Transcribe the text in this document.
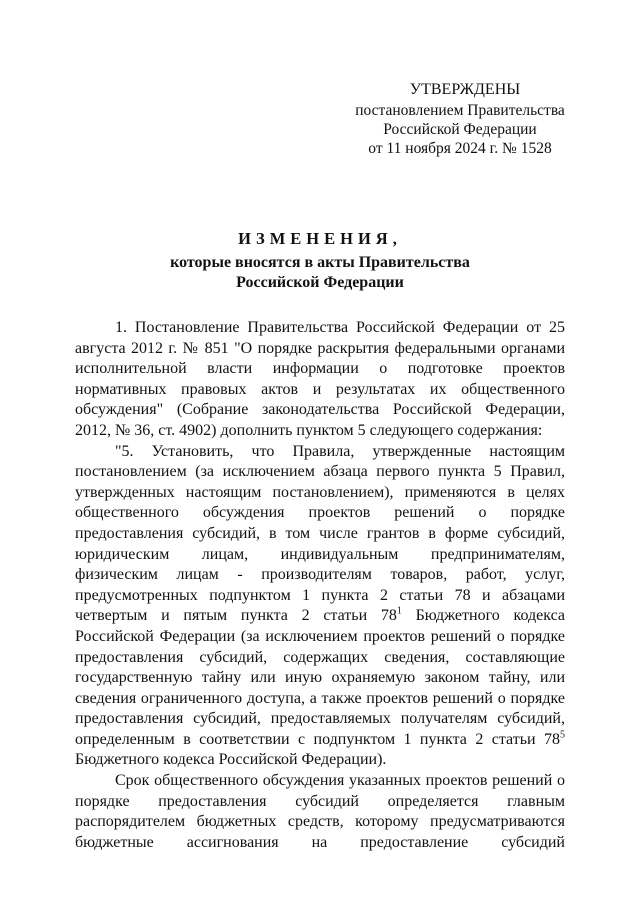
УТВЕРЖДЕНЫ
постановлением Правительства
Российской Федерации
от 11 ноября 2024 г. № 1528
ИЗМЕНЕНИЯ,
которые вносятся в акты Правительства
Российской Федерации

1. Постановление Правительства Российской Федерации от 25 августа 2012 г. № 851 "О порядке раскрытия федеральными органами исполнительной власти информации о подготовке проектов нормативных правовых актов и результатах их общественного обсуждения" (Собрание законодательства Российской Федерации, 2012, № 36, ст. 4902) дополнить пунктом 5 следующего содержания:

"5. Установить, что Правила, утвержденные настоящим постановлением (за исключением абзаца первого пункта 5 Правил, утвержденных настоящим постановлением), применяются в целях общественного обсуждения проектов решений о порядке предоставления субсидий, в том числе грантов в форме субсидий, юридическим лицам, индивидуальным предпринимателям, физическим лицам - производителям товаров, работ, услуг, предусмотренных подпунктом 1 пункта 2 статьи 78 и абзацами четвертым и пятым пункта 2 статьи $78^1$ Бюджетного кодекса Российской Федерации (за исключением проектов решений о порядке предоставления субсидий, содержащих сведения, составляющие государственную тайну или иную охраняемую законом тайну, или сведения ограниченного доступа, а также проектов решений о порядке предоставления субсидий, предоставляемых получателям субсидий, определенным в соответствии с подпунктом 1 пункта 2 статьи $78^5$ Бюджетного кодекса Российской Федерации).

Срок общественного обсуждения указанных проектов решений о порядке предоставления субсидий определяется главным распорядителем бюджетных средств, которому предусматриваются бюджетные ассигнования на предоставление субсидий
